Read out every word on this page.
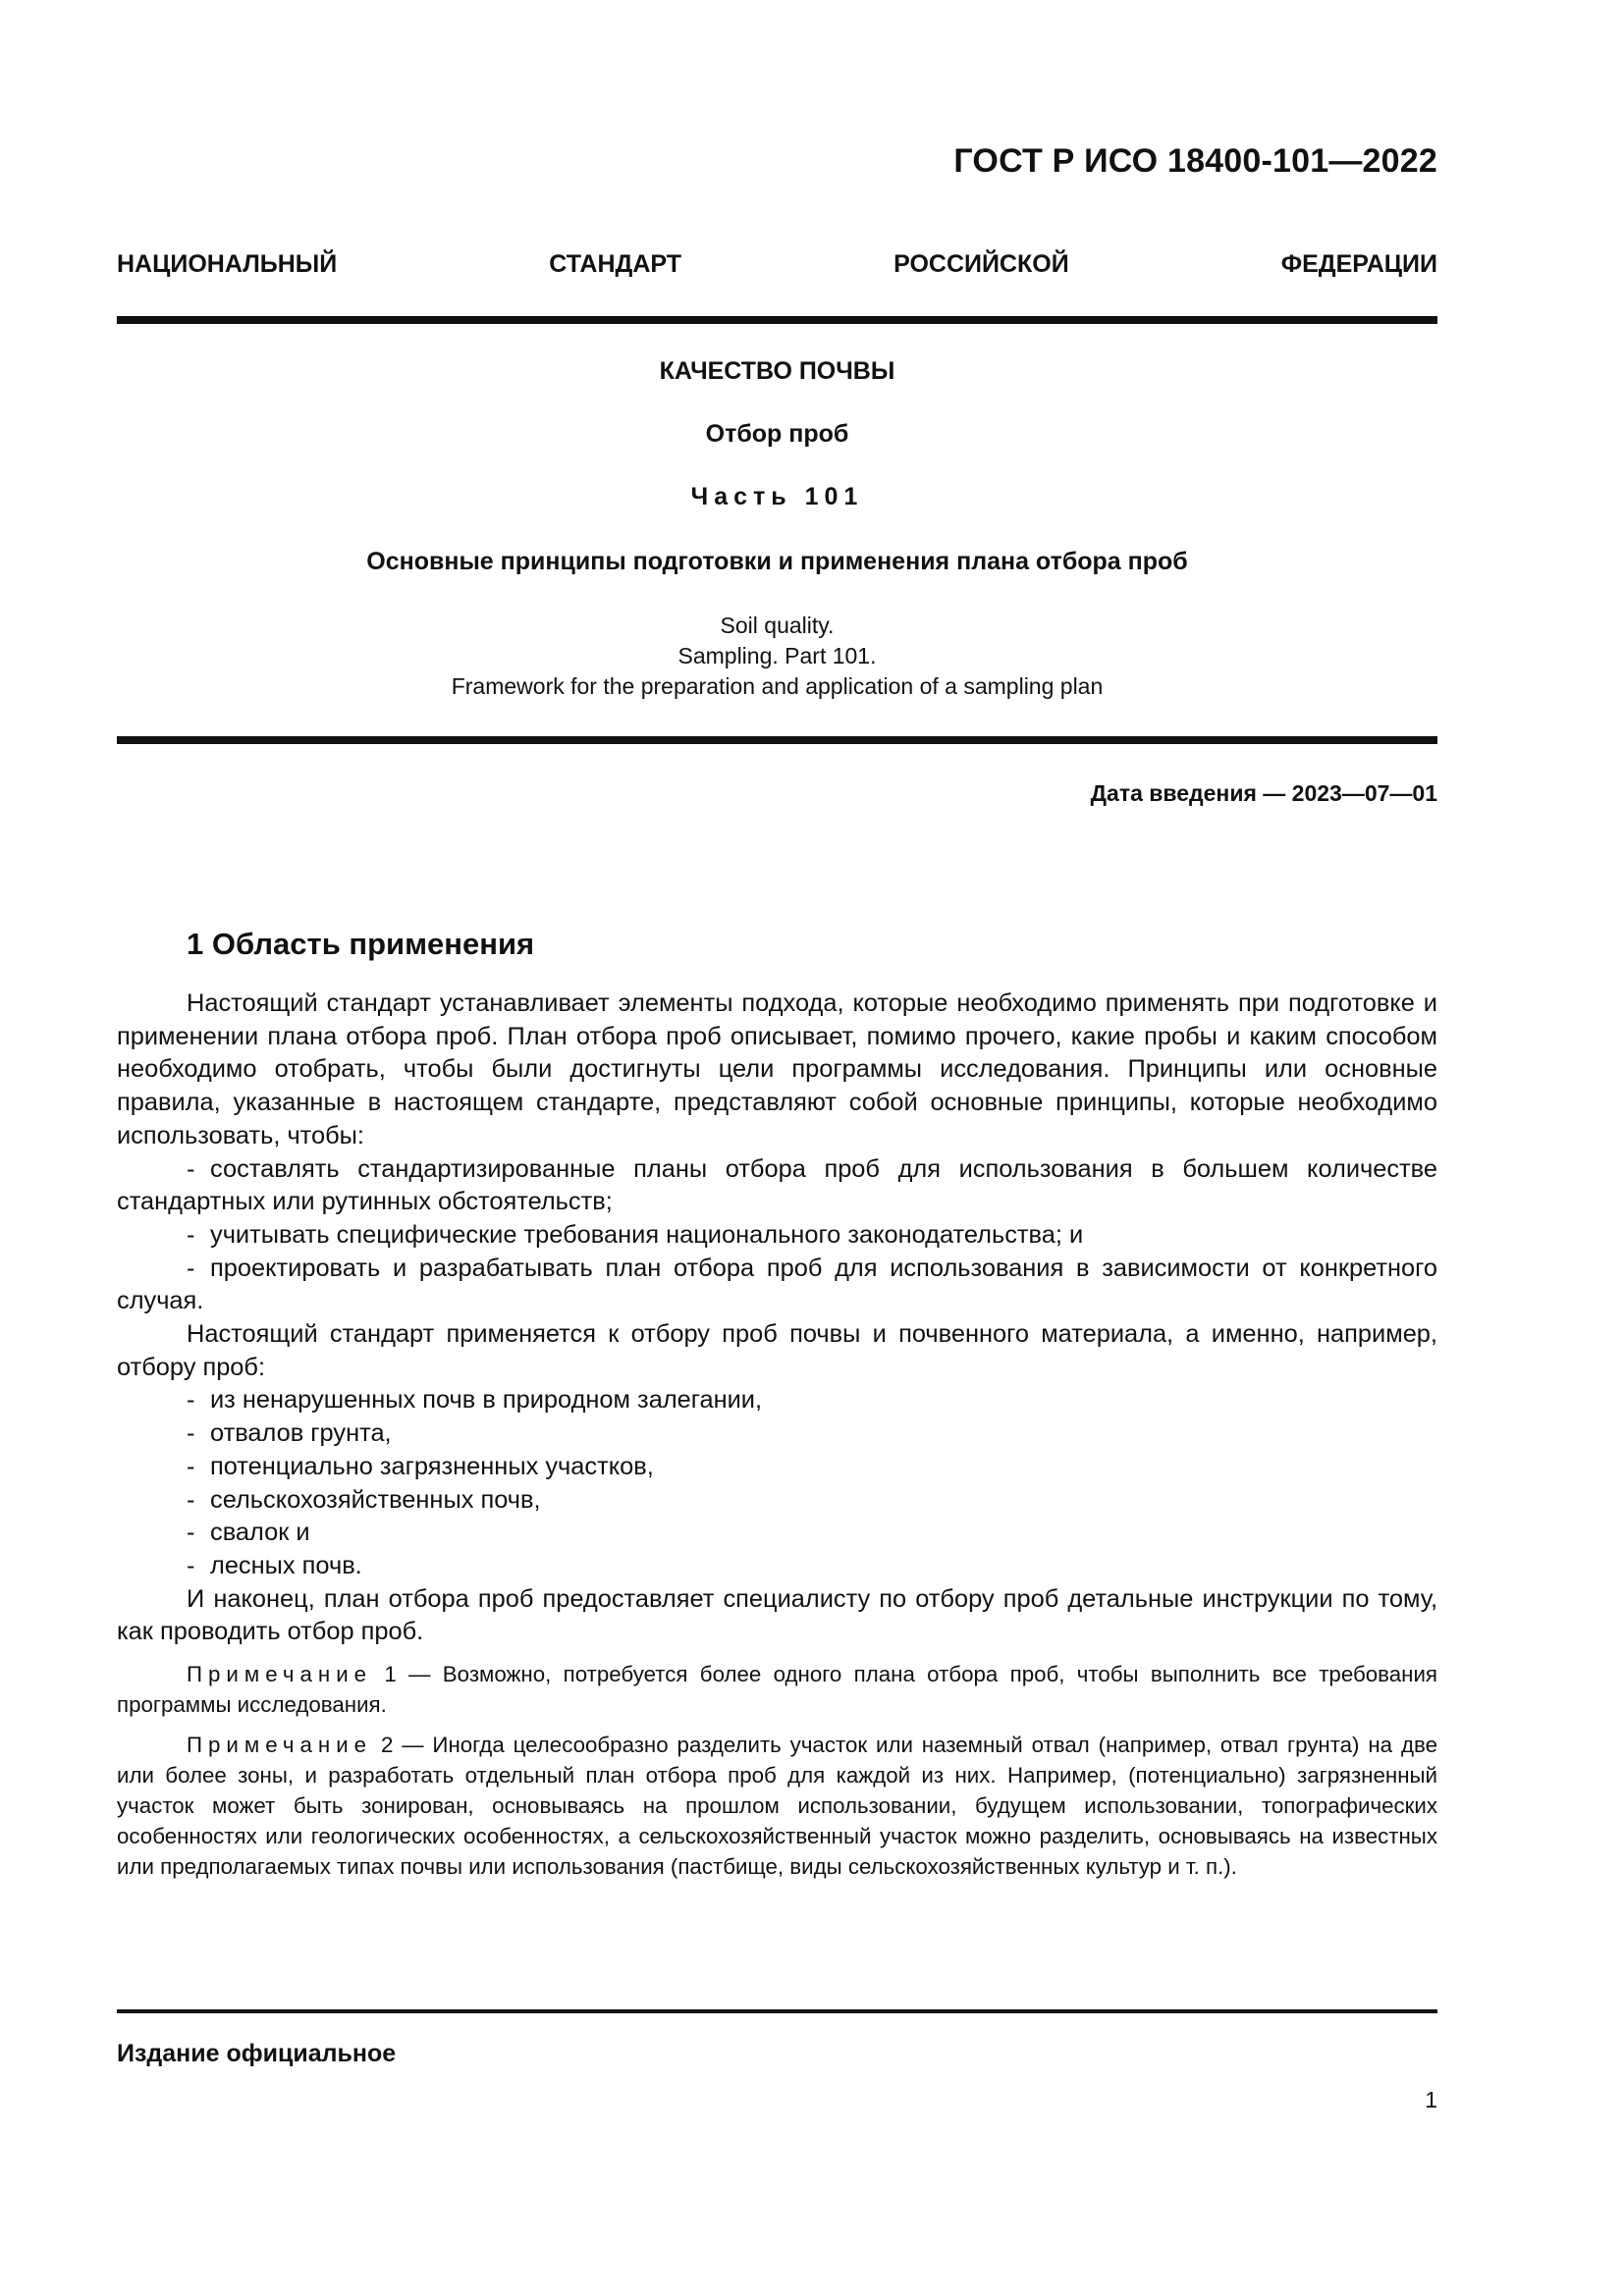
ГОСТ Р ИСО 18400-101—2022
НАЦИОНАЛЬНЫЙ	СТАНДАРТ	РОССИЙСКОЙ	ФЕДЕРАЦИИ
КАЧЕСТВО ПОЧВЫ
Отбор проб
Часть 101
Основные принципы подготовки и применения плана отбора проб
Soil quality.
Sampling. Part 101.
Framework for the preparation and application of a sampling plan
Дата введения — 2023—07—01
1 Область применения

Настоящий стандарт устанавливает элементы подхода, которые необходимо применять при подготовке и применении плана отбора проб. План отбора проб описывает, помимо прочего, какие пробы и каким способом необходимо отобрать, чтобы были достигнуты цели программы исследования. Принципы или основные правила, указанные в настоящем стандарте, представляют собой основные принципы, которые необходимо использовать, чтобы:

- составлять стандартизированные планы отбора проб для использования в большем количестве стандартных или рутинных обстоятельств;
- учитывать специфические требования национального законодательства; и
- проектировать и разрабатывать план отбора проб для использования в зависимости от конкретного случая.

Настоящий стандарт применяется к отбору проб почвы и почвенного материала, а именно, например, отбору проб:

- из ненарушенных почв в природном залегании,
- отвалов грунта,
- потенциально загрязненных участков,
- сельскохозяйственных почв,
- свалок и
- лесных почв.

И наконец, план отбора проб предоставляет специалисту по отбору проб детальные инструкции по тому, как проводить отбор проб.

Примечание 1 — Возможно, потребуется более одного плана отбора проб, чтобы выполнить все требования программы исследования.

Примечание 2 — Иногда целесообразно разделить участок или наземный отвал (например, отвал грунта) на две или более зоны, и разработать отдельный план отбора проб для каждой из них. Например, (потенциально) загрязненный участок может быть зонирован, основываясь на прошлом использовании, будущем использовании, топографических особенностях или геологических особенностях, а сельскохозяйственный участок можно разделить, основываясь на известных или предполагаемых типах почвы или использования (пастбище, виды сельскохозяйственных культур и т. п.).

Издание официальное
1
